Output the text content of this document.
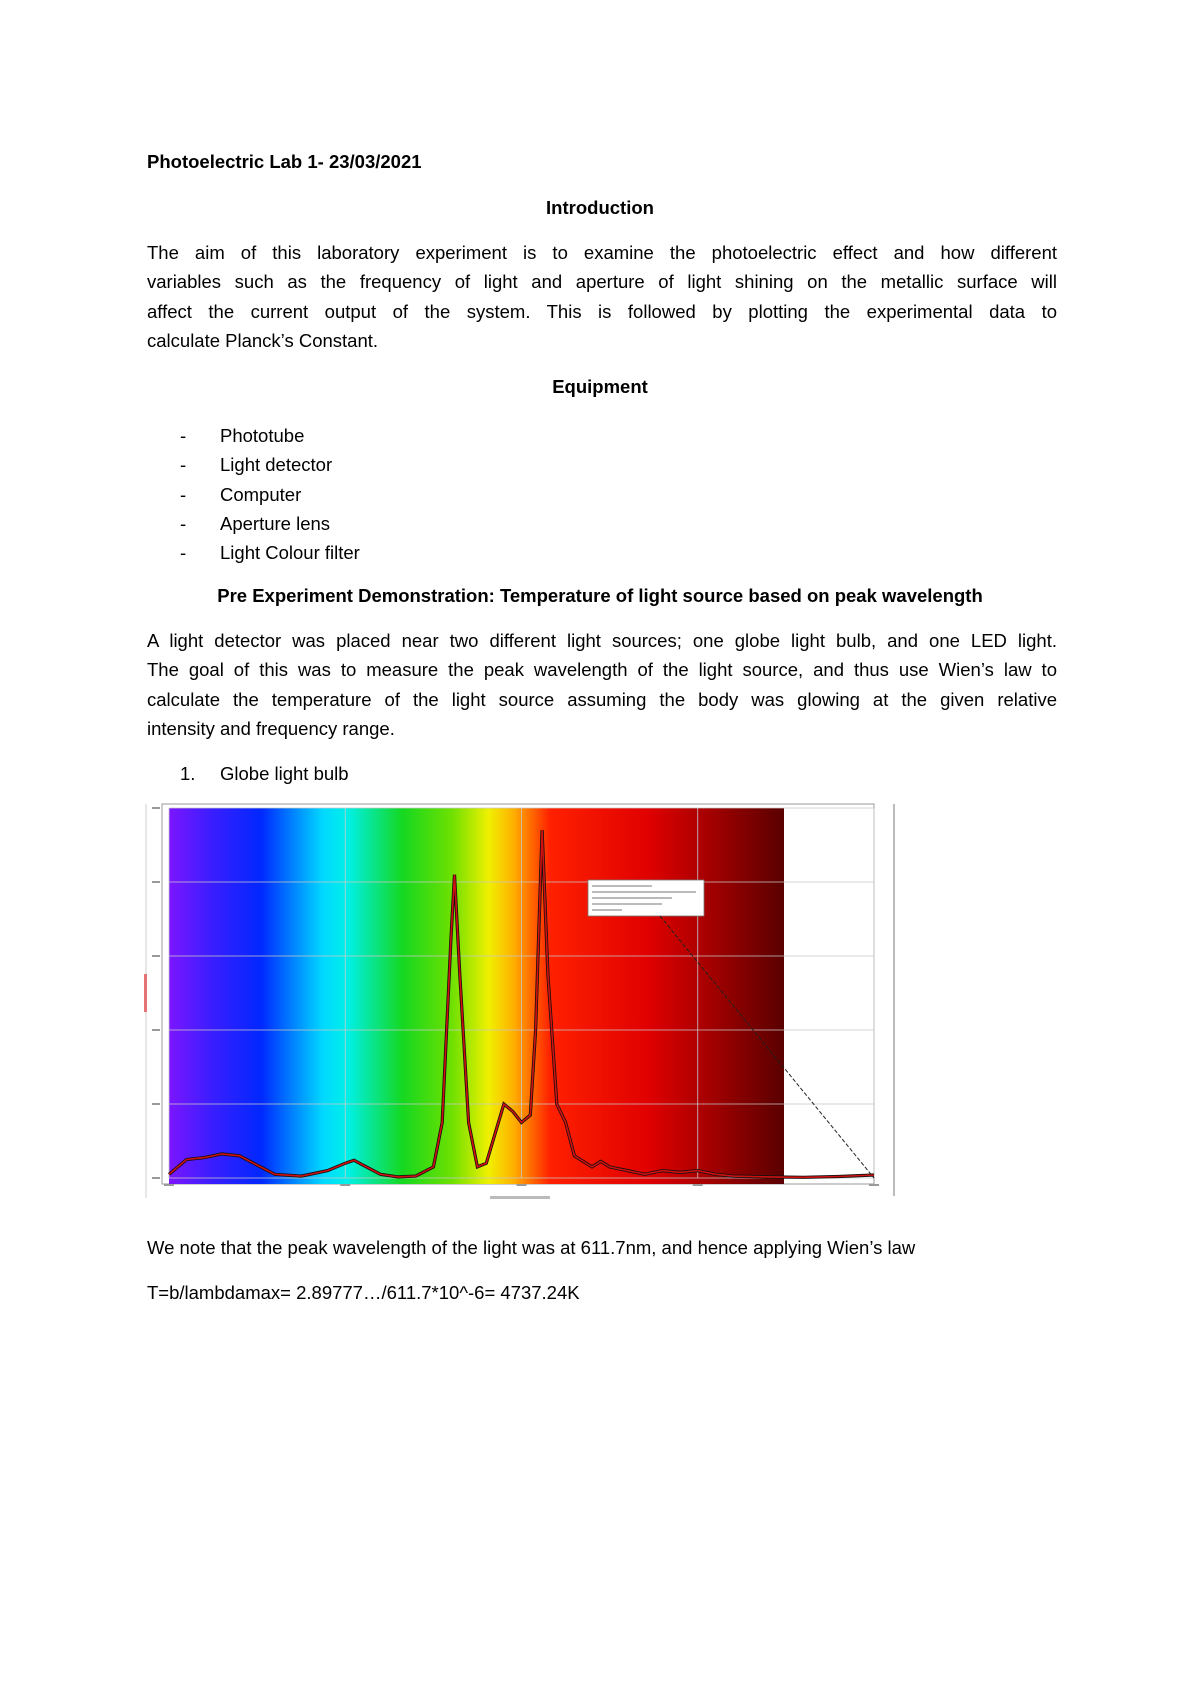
Photoelectric Lab 1- 23/03/2021
Introduction
The aim of this laboratory experiment is to examine the photoelectric effect and how different
variables such as the frequency of light and aperture of light shining on the metallic surface will
affect the current output of the system. This is followed by plotting the experimental data to
calculate Planck’s Constant.
Equipment
- Phototube
- Light detector
- Computer
- Aperture lens
- Light Colour filter
Pre Experiment Demonstration: Temperature of light source based on peak wavelength
A light detector was placed near two different light sources; one globe light bulb, and one LED light.
The goal of this was to measure the peak wavelength of the light source, and thus use Wien’s law to
calculate the temperature of the light source assuming the body was glowing at the given relative
intensity and frequency range.
1. Globe light bulb
We note that the peak wavelength of the light was at 611.7nm, and hence applying Wien’s law
T=b/lambdamax= 2.89777…/611.7*10^-6= 4737.24K
